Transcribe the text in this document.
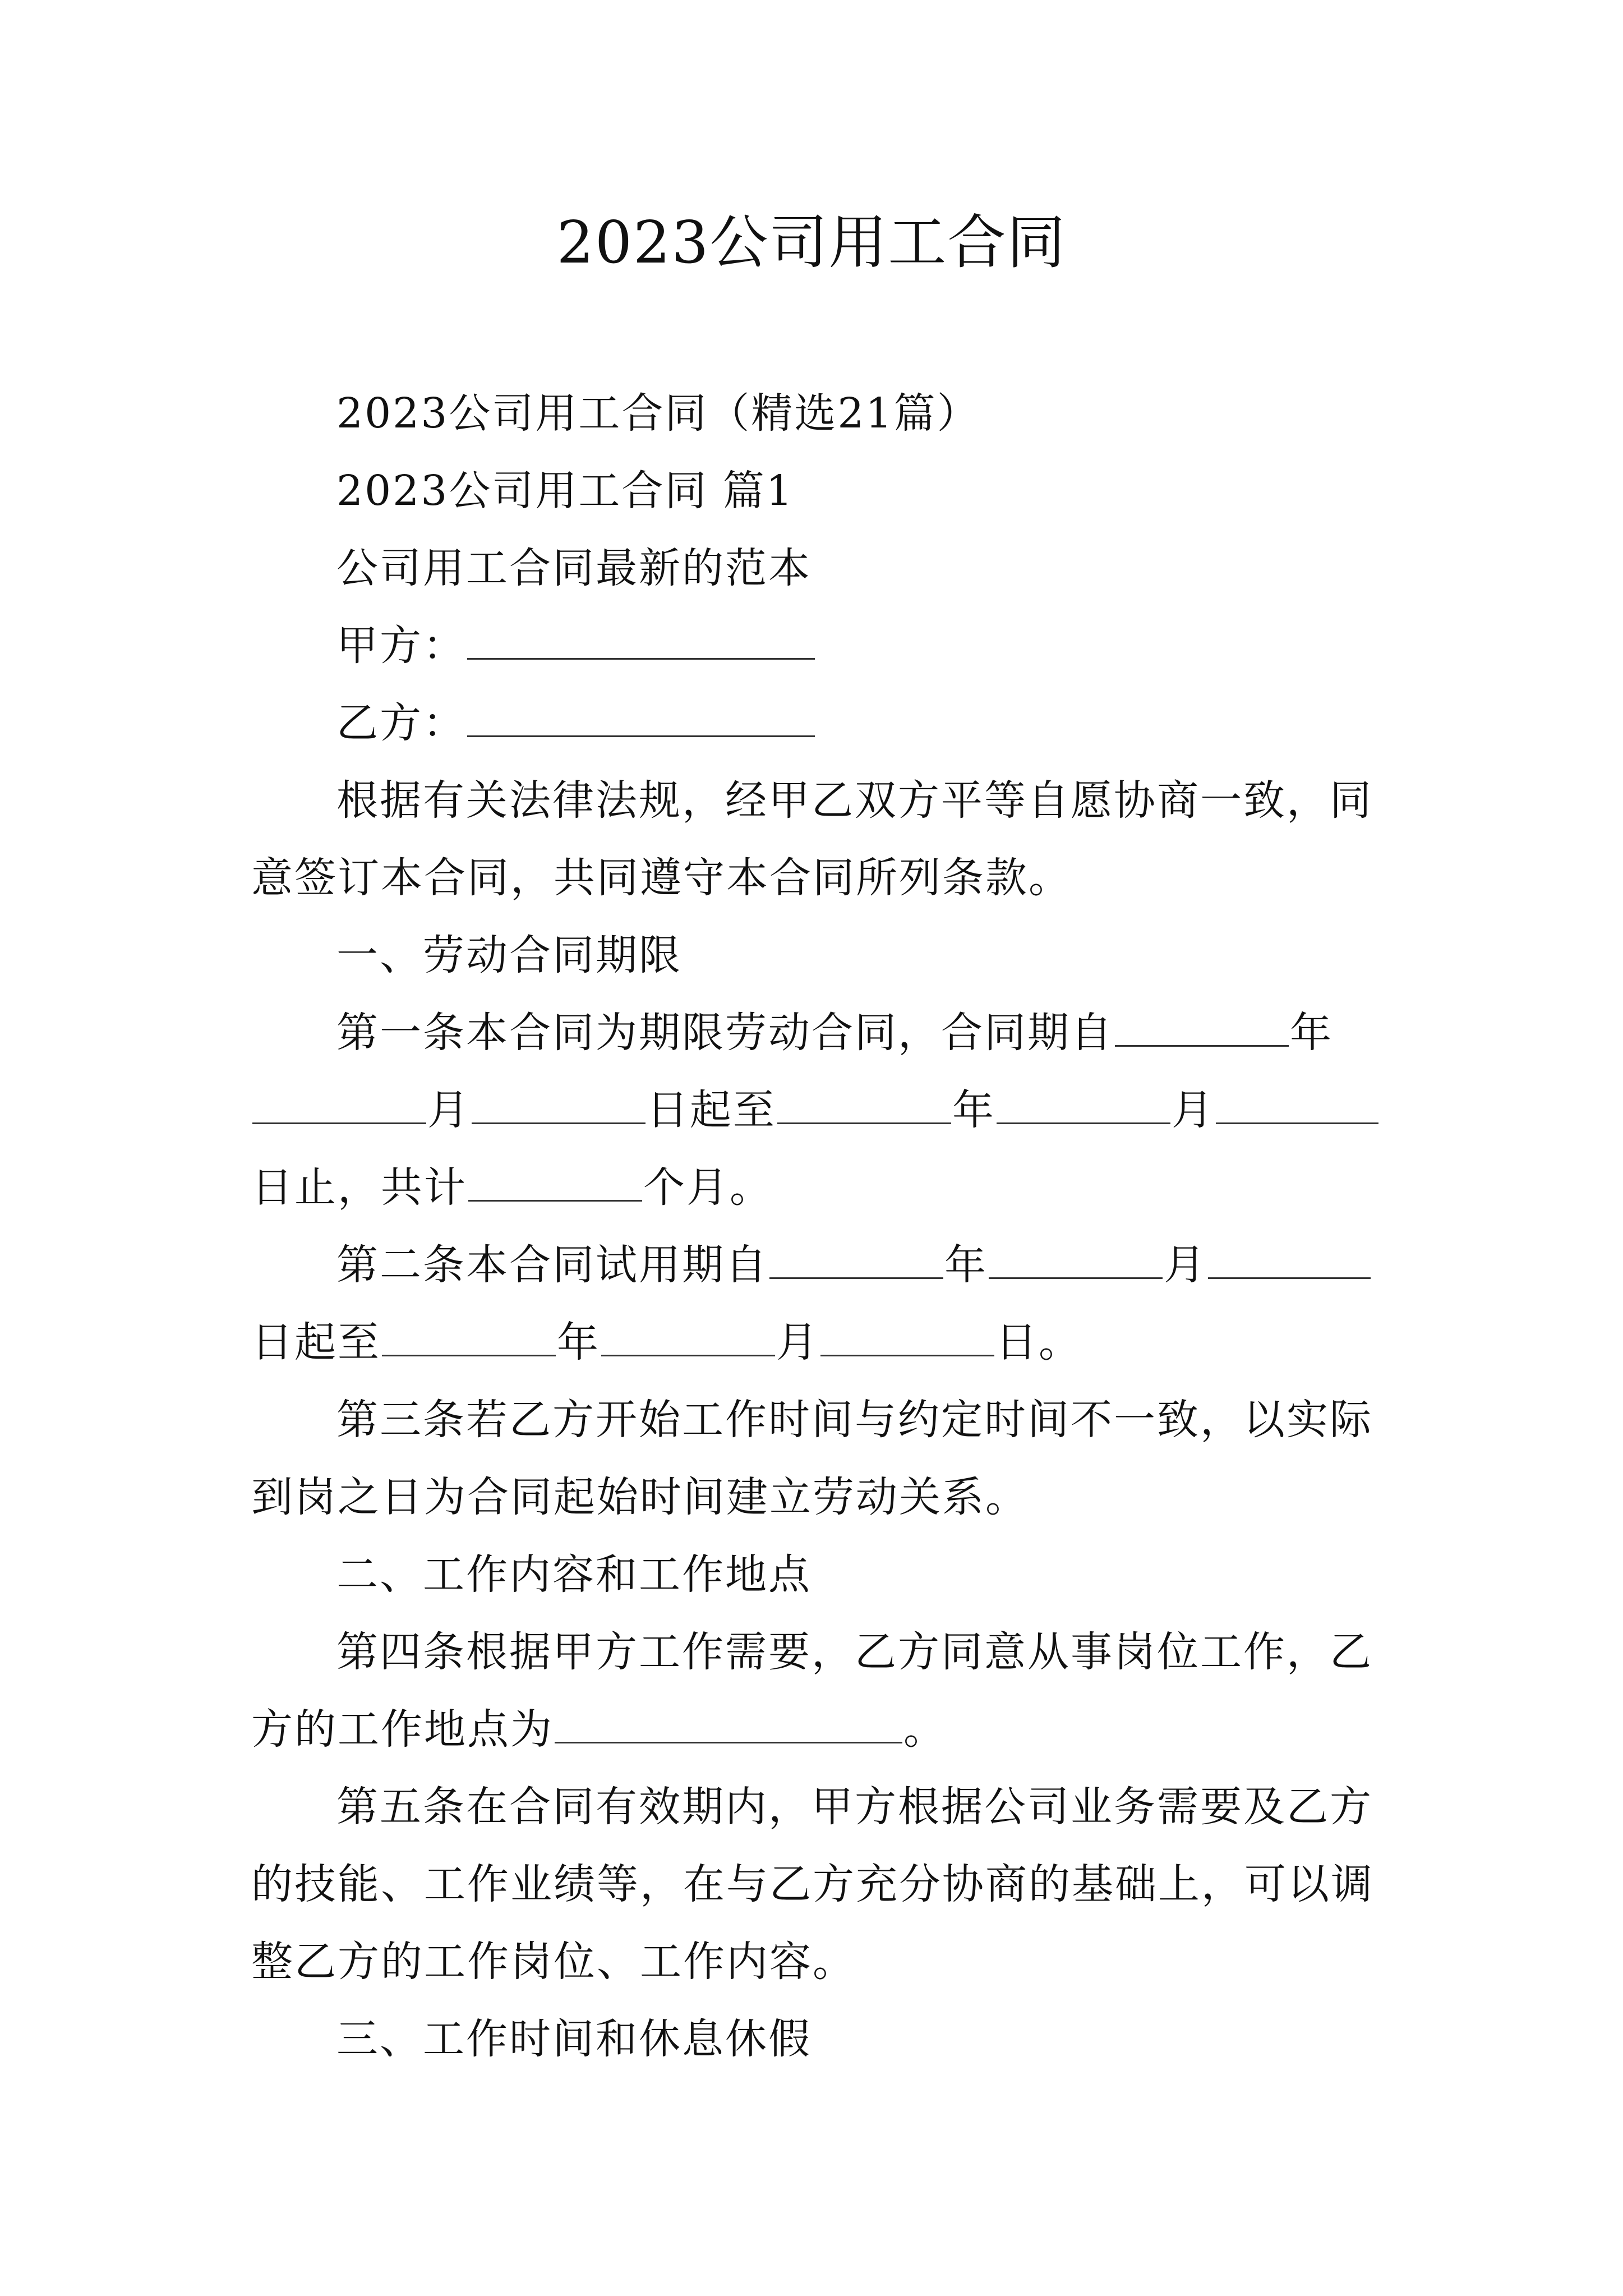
2023公司用工合同

2023公司用工合同（精选21篇）

2023公司用工合同 篇1

公司用工合同最新的范本

甲方：

乙方：

根据有关法律法规，经甲乙双方平等自愿协商一致，同意签订本合同，共同遵守本合同所列条款。

一、劳动合同期限

第一条本合同为期限劳动合同，合同期自	年月	日起至	年	月日止，共计	个月。

第二条本合同试用期自	年	月日起至	年	月	日。

第三条若乙方开始工作时间与约定时间不一致，以实际到岗之日为合同起始时间建立劳动关系。

二、工作内容和工作地点

第四条根据甲方工作需要，乙方同意从事岗位工作，乙方的工作地点为	。

第五条在合同有效期内，甲方根据公司业务需要及乙方的技能、工作业绩等，在与乙方充分协商的基础上，可以调整乙方的工作岗位、工作内容。

三、工作时间和休息休假
